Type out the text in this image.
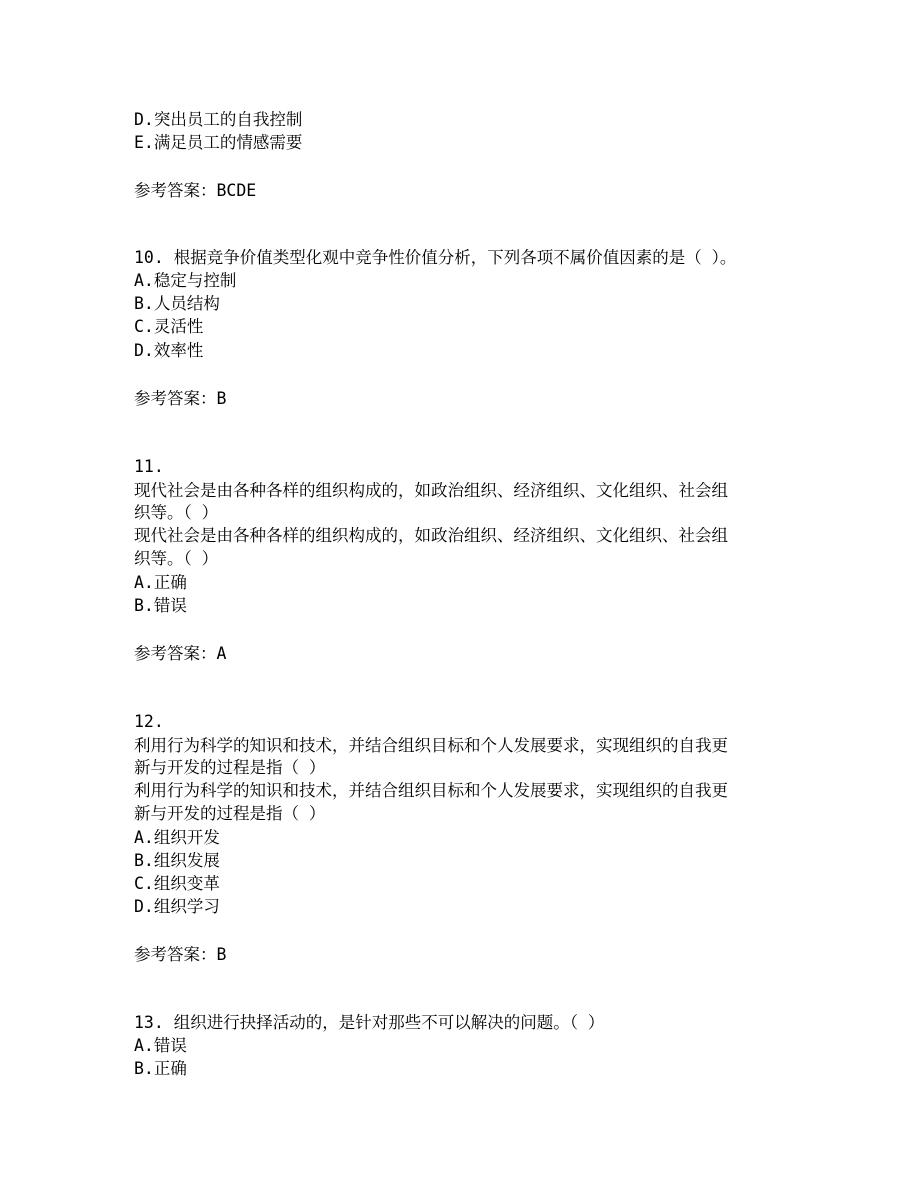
D.突出员工的自我控制

E.满足员工的情感需要

参考答案：BCDE

10. 根据竞争价值类型化观中竞争性价值分析，下列各项不属价值因素的是（ ）。

A.稳定与控制

B.人员结构

C.灵活性

D.效率性

参考答案：B

11.

现代社会是由各种各样的组织构成的，如政治组织、经济组织、文化组织、社会组

织等。（ ）

现代社会是由各种各样的组织构成的，如政治组织、经济组织、文化组织、社会组

织等。（ ）

A.正确

B.错误

参考答案：A

12.

利用行为科学的知识和技术，并结合组织目标和个人发展要求，实现组织的自我更

新与开发的过程是指（ ）

利用行为科学的知识和技术，并结合组织目标和个人发展要求，实现组织的自我更

新与开发的过程是指（ ）

A.组织开发

B.组织发展

C.组织变革

D.组织学习

参考答案：B

13. 组织进行抉择活动的，是针对那些不可以解决的问题。（ ）

A.错误

B.正确
